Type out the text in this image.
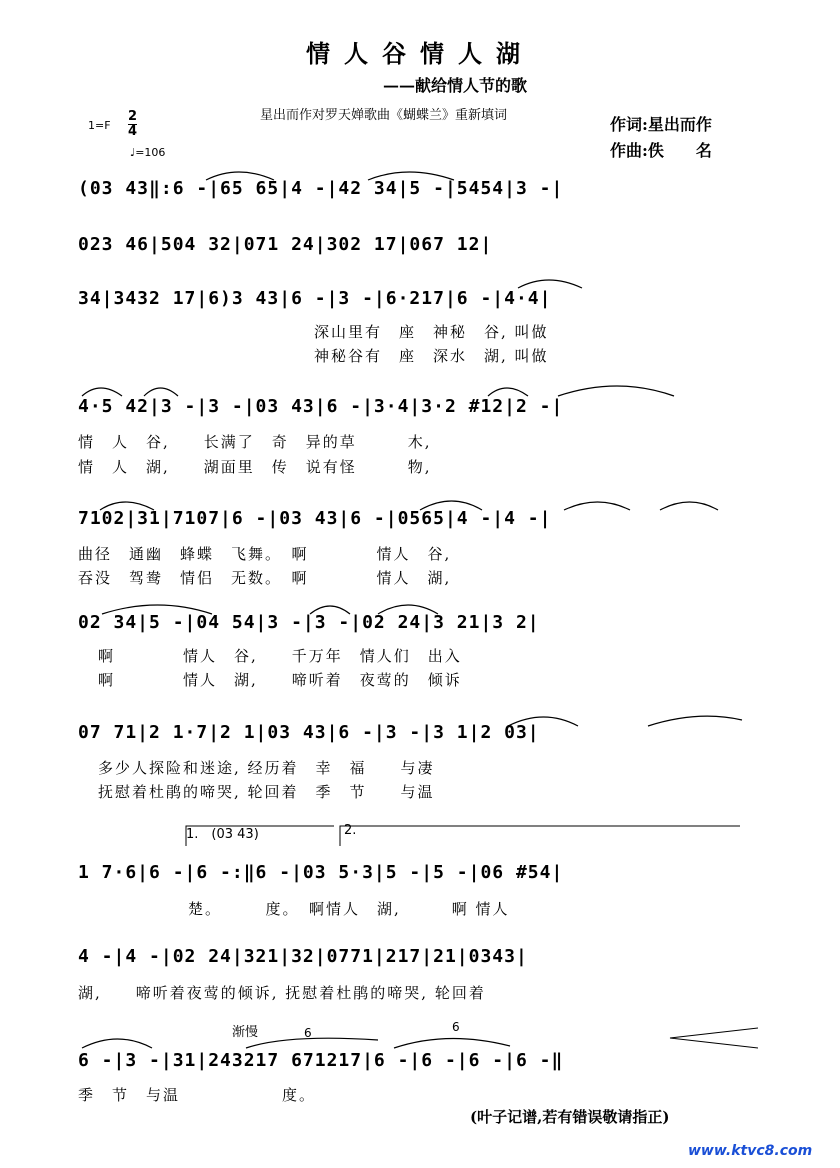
情人谷情人湖
——献给情人节的歌
星出而作对罗天婵歌曲《蝴蝶兰》重新填词	作词:星出而作
作曲:佚　　名
1=F
2
4
♩=106
(03 43‖:6 -|65 65|4 -|42 34|5 -|5454|3 -|
023 46|504 32|071 24|302 17|067 12|
34|3432 17|6)3 43|6 -|3 -|6·217|6 -|4·4|
深山里有　座　神秘　谷, 叫做
神秘谷有　座　深水　湖, 叫做
4·5 42|3 -|3 -|03 43|6 -|3·4|3·2 #12|2 -|
情　人　谷,　　长满了　奇　异的草　　　木,
情　人　湖,　　湖面里　传　说有怪　　　物,
7102|31|7107|6 -|03 43|6 -|0565|4 -|4 -|
曲径　通幽　蜂蝶　飞舞。　啊　　　　情人　谷,
吞没　驾鸯　情侣　无数。　啊　　　　情人　湖,
02 34|5 -|04 54|3 -|3 -|02 24|3 21|3 2|
啊　　　　情人　谷,　　千万年　情人们　出入
啊　　　　情人　湖,　　啼听着　夜莺的　倾诉
07 71|2 1·7|2 1|03 43|6 -|3 -|3 1|2 03|
多少人探险和迷途, 经历着　幸　福　　与凄
抚慰着杜鹃的啼哭, 轮回着　季　节　　与温
1.　(03 43)	2.
1 7·6|6 -|6 -:‖6 -|03 5·3|5 -|5 -|06 #54|
楚。　　　度。　啊情人　湖,　　　啊 情人
4 -|4 -|02 24|321|32|0771|217|21|0343|
湖,　　啼听着夜莺的倾诉, 抚慰着杜鹃的啼哭, 轮回着
渐慢	6	6
6 -|3 -|31|243217 671217|6 -|6 -|6 -|6 -‖
季　节　与温　　　　　　度。
(叶子记谱,若有错误敬请指正)
www.ktvc8.com
